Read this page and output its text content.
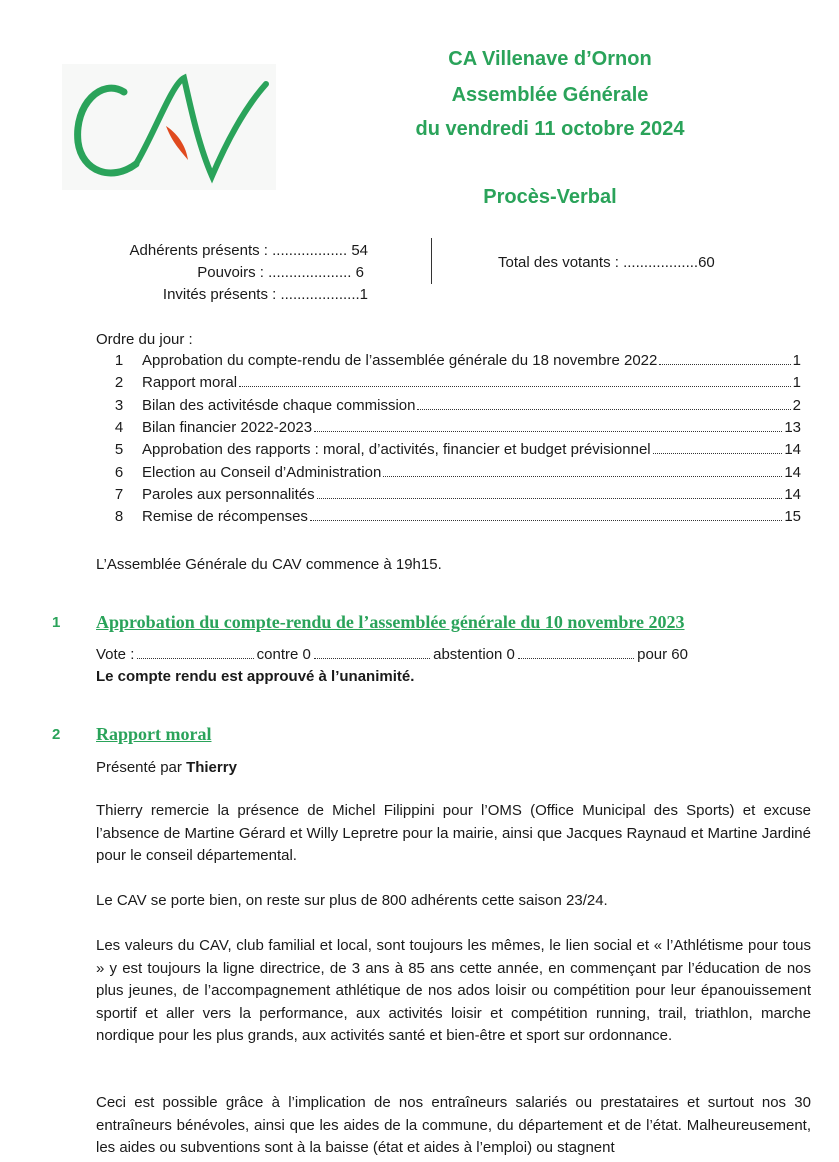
CA Villenave d’Ornon
Assemblée Générale
du vendredi 11 octobre 2024
Procès-Verbal
Adhérents présents : .................. 54
Pouvoirs : .................... 6
Invités présents : ...................1
Total des votants : ..................60
Ordre du jour :
1	Approbation du compte-rendu de l’assemblée générale du 18 novembre 2022	1
2	Rapport moral	1
3	Bilan des activitésde chaque commission	2
4	Bilan financier 2022-2023	13
5	Approbation des rapports : moral, d’activités, financier et budget prévisionnel	14
6	Election au Conseil d’Administration	14
7	Paroles aux personnalités	14
8	Remise de récompenses	15
L’Assemblée Générale du CAV commence à 19h15.
1 Approbation du compte-rendu de l’assemblée générale du 10 novembre 2023
Vote :	contre 0	abstention 0	pour 60
Le compte rendu est approuvé à l’unanimité.
2 Rapport moral
Présenté par Thierry
Thierry remercie la présence de Michel Filippini pour l’OMS (Office Municipal des Sports) et excuse l’absence de Martine Gérard et Willy Lepretre pour la mairie, ainsi que Jacques Raynaud et Martine Jardiné pour le conseil départemental.
Le CAV se porte bien, on reste sur plus de 800 adhérents cette saison 23/24.
Les valeurs du CAV, club familial et local, sont toujours les mêmes, le lien social et « l’Athlétisme pour tous » y est toujours la ligne directrice, de 3 ans à 85 ans cette année, en commençant par l’éducation de nos plus jeunes, de l’accompagnement athlétique de nos ados loisir ou compétition pour leur épanouissement sportif et aller vers la performance, aux activités loisir et compétition running, trail, triathlon, marche nordique pour les plus grands, aux activités santé et bien-être et sport sur ordonnance.
Ceci est possible grâce à l’implication de nos entraîneurs salariés ou prestataires et surtout nos 30 entraîneurs bénévoles, ainsi que les aides de la commune, du département et de l’état. Malheureusement, les aides ou subventions sont à la baisse (état et aides à l’emploi) ou stagnent
